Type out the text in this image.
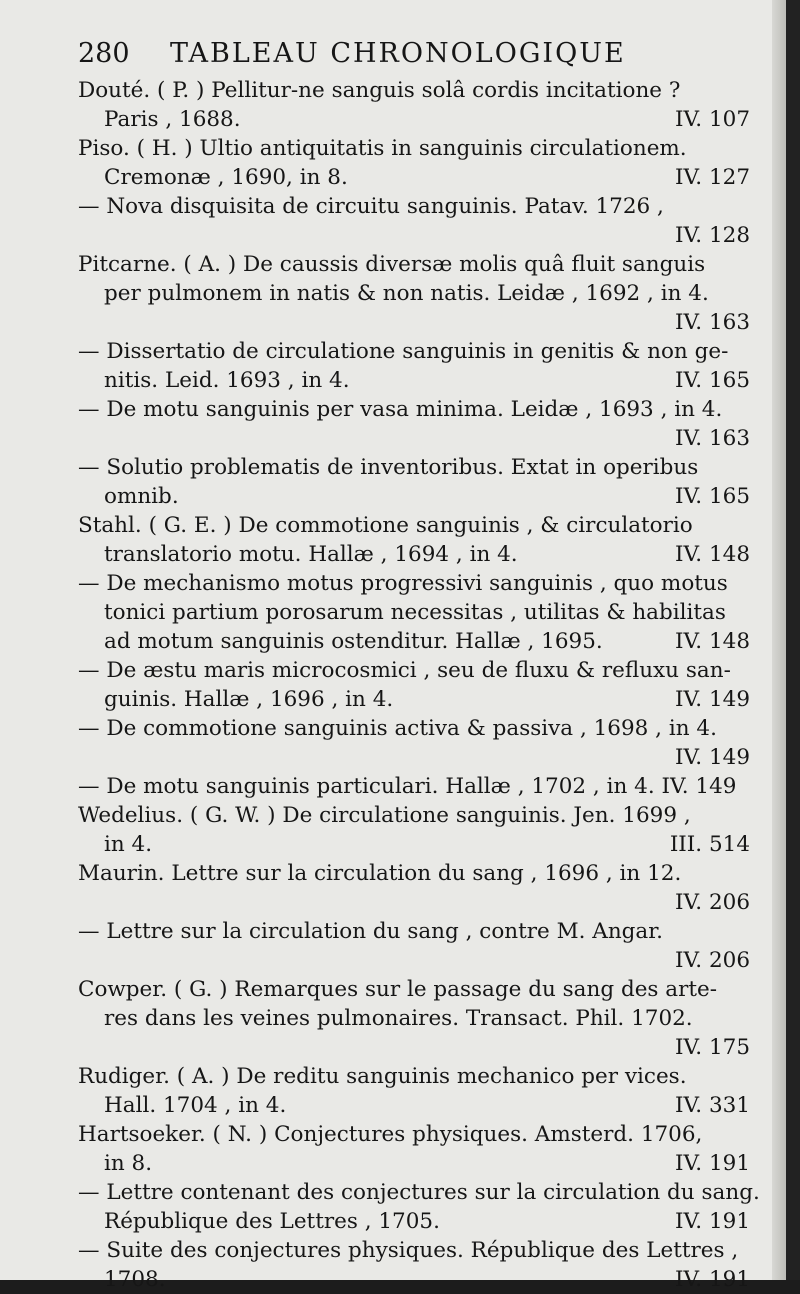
280 TABLEAU CHRONOLOGIQUE
Douté. ( P. ) Pellitur-ne sanguis solâ cordis incitatione ?
Paris , 1688.	IV. 107
Piso. ( H. ) Ultio antiquitatis in sanguinis circulationem.
Cremonæ , 1690, in 8.	IV. 127
— Nova disquisita de circuitu sanguinis. Patav. 1726 ,
IV. 128
Pitcarne. ( A. ) De caussis diversæ molis quâ fluit sanguis
per pulmonem in natis & non natis. Leidæ , 1692 , in 4.
IV. 163
— Dissertatio de circulatione sanguinis in genitis & non ge-
nitis. Leid. 1693 , in 4.	IV. 165
— De motu sanguinis per vasa minima. Leidæ , 1693 , in 4.
IV. 163
— Solutio problematis de inventoribus. Extat in operibus
omnib.	IV. 165
Stahl. ( G. E. ) De commotione sanguinis , & circulatorio
translatorio motu. Hallæ , 1694 , in 4.	IV. 148
— De mechanismo motus progressivi sanguinis , quo motus
tonici partium porosarum necessitas , utilitas & habilitas
ad motum sanguinis ostenditur. Hallæ , 1695.	IV. 148
— De æstu maris microcosmici , seu de fluxu & refluxu san-
guinis. Hallæ , 1696 , in 4.	IV. 149
— De commotione sanguinis activa & passiva , 1698 , in 4.
IV. 149
— De motu sanguinis particulari. Hallæ , 1702 , in 4. IV. 149
Wedelius. ( G. W. ) De circulatione sanguinis. Jen. 1699 ,
in 4.	III. 514
Maurin. Lettre sur la circulation du sang , 1696 , in 12.
IV. 206
— Lettre sur la circulation du sang , contre M. Angar.
IV. 206
Cowper. ( G. ) Remarques sur le passage du sang des arte-
res dans les veines pulmonaires. Transact. Phil. 1702.
IV. 175
Rudiger. ( A. ) De reditu sanguinis mechanico per vices.
Hall. 1704 , in 4.	IV. 331
Hartsoeker. ( N. ) Conjectures physiques. Amsterd. 1706,
in 8.	IV. 191
— Lettre contenant des conjectures sur la circulation du sang.
République des Lettres , 1705.	IV. 191
— Suite des conjectures physiques. République des Lettres ,
1708.	IV. 191
